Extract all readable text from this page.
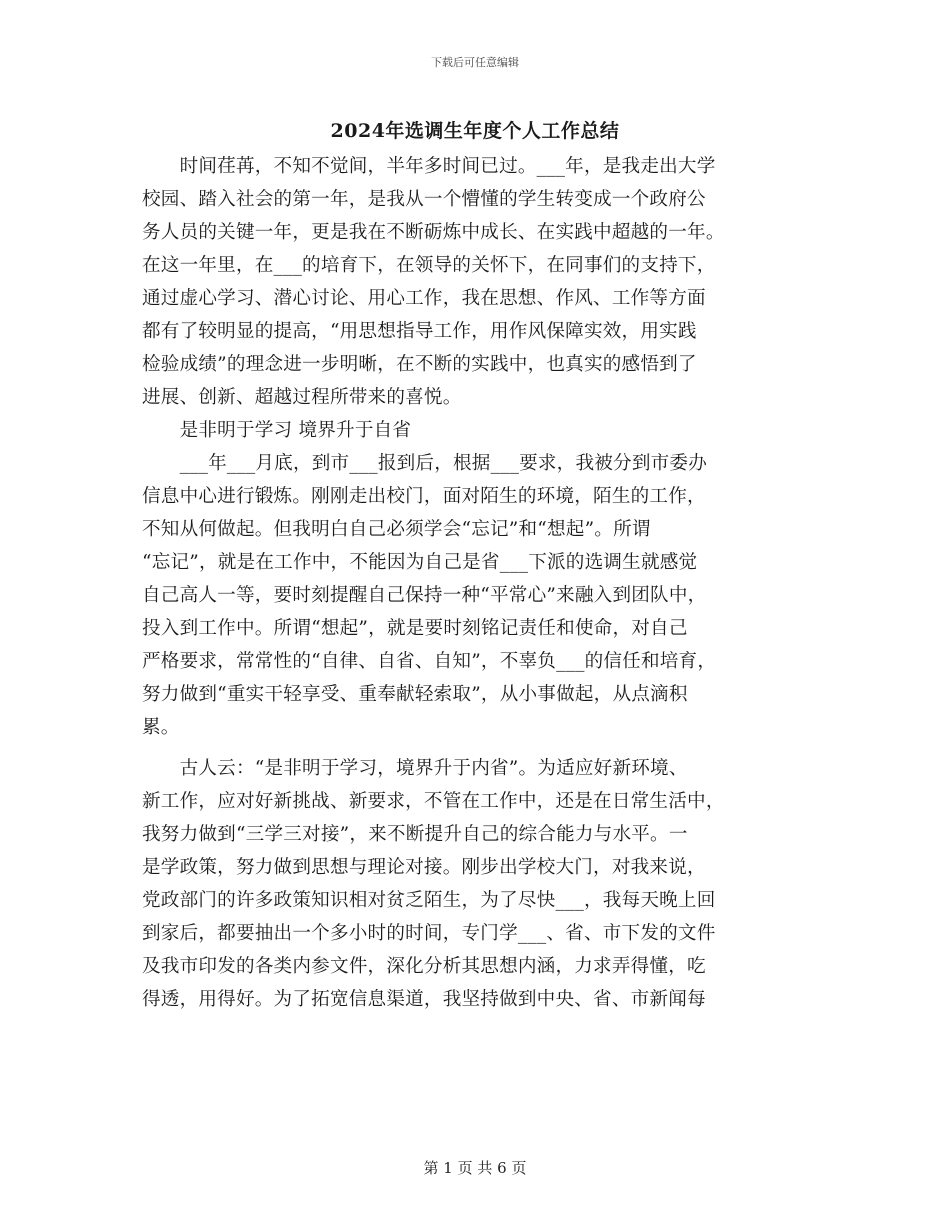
下载后可任意编辑
2024年选调生年度个人工作总结
　　时间荏苒，不知不觉间，半年多时间已过。___年，是我走出大学
校园、踏入社会的第一年，是我从一个懵懂的学生转变成一个政府公
务人员的关键一年，更是我在不断砺炼中成长、在实践中超越的一年。
在这一年里，在___的培育下，在领导的关怀下，在同事们的支持下，
通过虚心学习、潜心讨论、用心工作，我在思想、作风、工作等方面
都有了较明显的提高，“用思想指导工作，用作风保障实效，用实践
检验成绩”的理念进一步明晰，在不断的实践中，也真实的感悟到了
进展、创新、超越过程所带来的喜悦。
　　是非明于学习 境界升于自省
　　___年___月底，到市___报到后，根据___要求，我被分到市委办
信息中心进行锻炼。刚刚走出校门，面对陌生的环境，陌生的工作，
不知从何做起。但我明白自己必须学会“忘记”和“想起”。所谓
“忘记”，就是在工作中，不能因为自己是省___下派的选调生就感觉
自己高人一等，要时刻提醒自己保持一种“平常心”来融入到团队中，
投入到工作中。所谓“想起”，就是要时刻铭记责任和使命，对自己
严格要求，常常性的“自律、自省、自知”，不辜负___的信任和培育，
努力做到“重实干轻享受、重奉献轻索取”，从小事做起，从点滴积
累。
　　古人云：“是非明于学习，境界升于内省”。为适应好新环境、
新工作，应对好新挑战、新要求，不管在工作中，还是在日常生活中，
我努力做到“三学三对接”，来不断提升自己的综合能力与水平。一
是学政策，努力做到思想与理论对接。刚步出学校大门，对我来说，
党政部门的许多政策知识相对贫乏陌生，为了尽快___，我每天晚上回
到家后，都要抽出一个多小时的时间，专门学___、省、市下发的文件
及我市印发的各类内参文件，深化分析其思想内涵，力求弄得懂，吃
得透，用得好。为了拓宽信息渠道，我坚持做到中央、省、市新闻每
第 1 页 共 6 页
